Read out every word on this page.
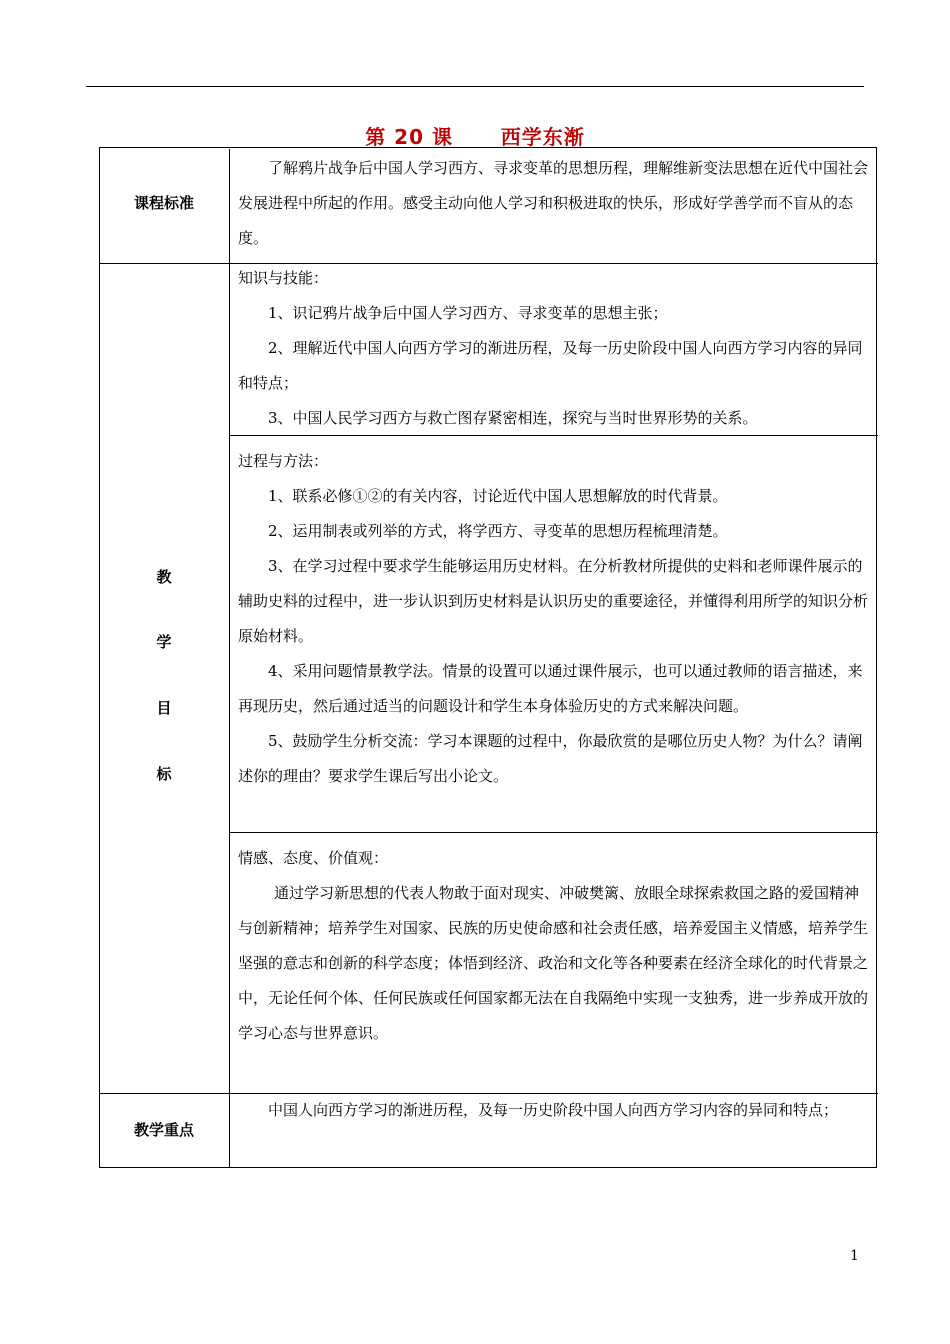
第 20 课      西学东渐
课程标准

了解鸦片战争后中国人学习西方、寻求变革的思想历程，理解维新变法思想在近代中国社会发展进程中所起的作用。感受主动向他人学习和积极进取的快乐，形成好学善学而不盲从的态度。

教
学
目
标

知识与技能：

1、识记鸦片战争后中国人学习西方、寻求变革的思想主张；

2、理解近代中国人向西方学习的渐进历程，及每一历史阶段中国人向西方学习内容的异同和特点；

3、中国人民学习西方与救亡图存紧密相连，探究与当时世界形势的关系。

过程与方法：

1、联系必修①②的有关内容，讨论近代中国人思想解放的时代背景。

2、运用制表或列举的方式，将学西方、寻变革的思想历程梳理清楚。

3、在学习过程中要求学生能够运用历史材料。在分析教材所提供的史料和老师课件展示的辅助史料的过程中，进一步认识到历史材料是认识历史的重要途径，并懂得利用所学的知识分析原始材料。

4、采用问题情景教学法。情景的设置可以通过课件展示，也可以通过教师的语言描述，来再现历史，然后通过适当的问题设计和学生本身体验历史的方式来解决问题。

5、鼓励学生分析交流：学习本课题的过程中，你最欣赏的是哪位历史人物？为什么？请阐述你的理由？要求学生课后写出小论文。

情感、态度、价值观：

通过学习新思想的代表人物敢于面对现实、冲破樊篱、放眼全球探索救国之路的爱国精神与创新精神；培养学生对国家、民族的历史使命感和社会责任感，培养爱国主义情感，培养学生坚强的意志和创新的科学态度；体悟到经济、政治和文化等各种要素在经济全球化的时代背景之中，无论任何个体、任何民族或任何国家都无法在自我隔绝中实现一支独秀，进一步养成开放的学习心态与世界意识。

教学重点

中国人向西方学习的渐进历程，及每一历史阶段中国人向西方学习内容的异同和特点；

1
